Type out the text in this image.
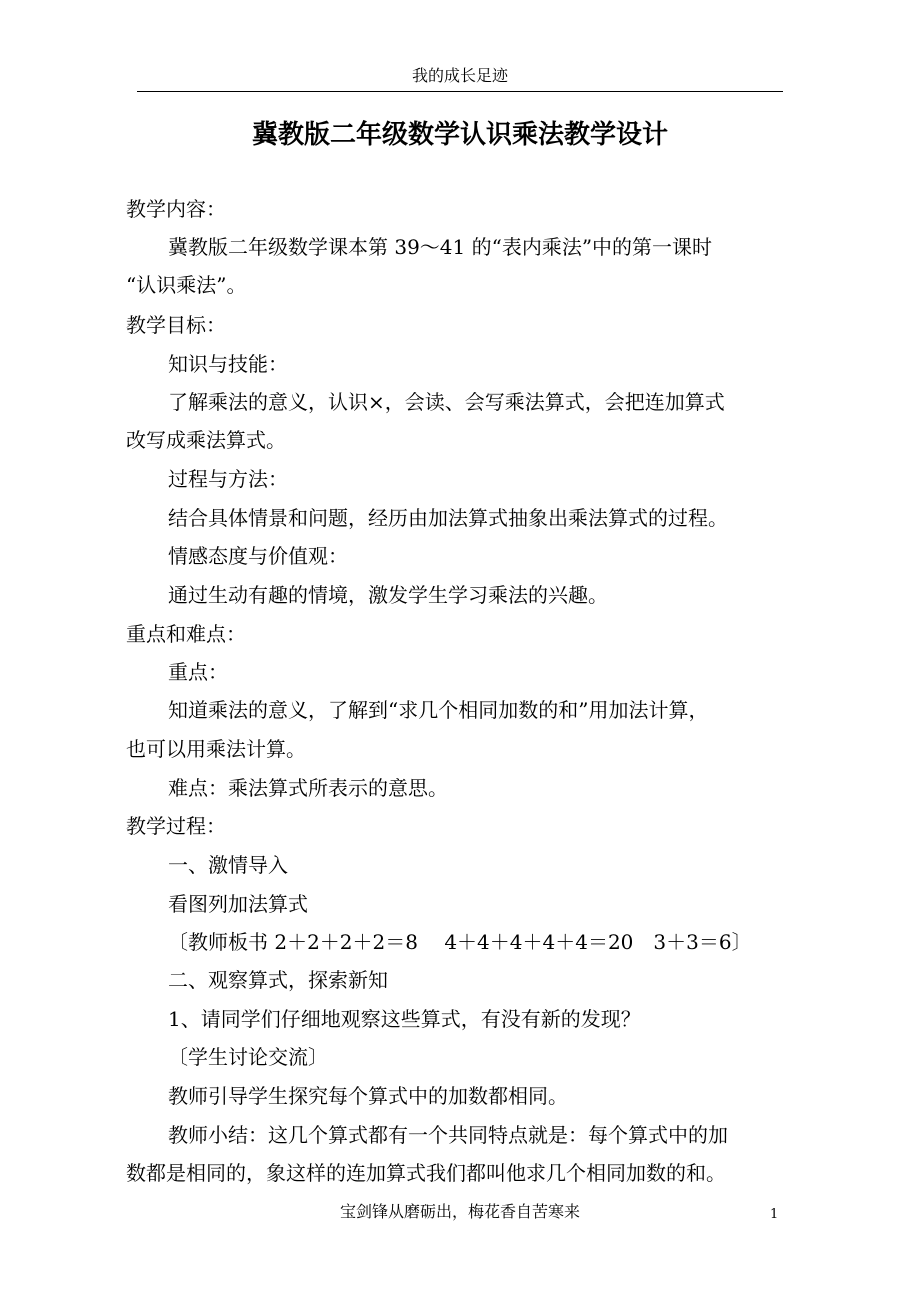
我的成长足迹
冀教版二年级数学认识乘法教学设计
教学内容：
冀教版二年级数学课本第 39～41 的“表内乘法”中的第一课时
“认识乘法”。
教学目标：
知识与技能：
了解乘法的意义，认识×，会读、会写乘法算式，会把连加算式
改写成乘法算式。
过程与方法：
结合具体情景和问题，经历由加法算式抽象出乘法算式的过程。
情感态度与价值观：
通过生动有趣的情境，激发学生学习乘法的兴趣。
重点和难点：
重点：
知道乘法的意义，了解到“求几个相同加数的和”用加法计算，
也可以用乘法计算。
难点：乘法算式所表示的意思。
教学过程：
一、激情导入
看图列加法算式
〔教师板书 2＋2＋2＋2＝8　 4＋4＋4＋4＋4＝20　3＋3＝6〕
二、观察算式，探索新知
1、请同学们仔细地观察这些算式，有没有新的发现？
〔学生讨论交流〕
教师引导学生探究每个算式中的加数都相同。
教师小结：这几个算式都有一个共同特点就是：每个算式中的加
数都是相同的，象这样的连加算式我们都叫他求几个相同加数的和。
宝剑锋从磨砺出，梅花香自苦寒来	1
